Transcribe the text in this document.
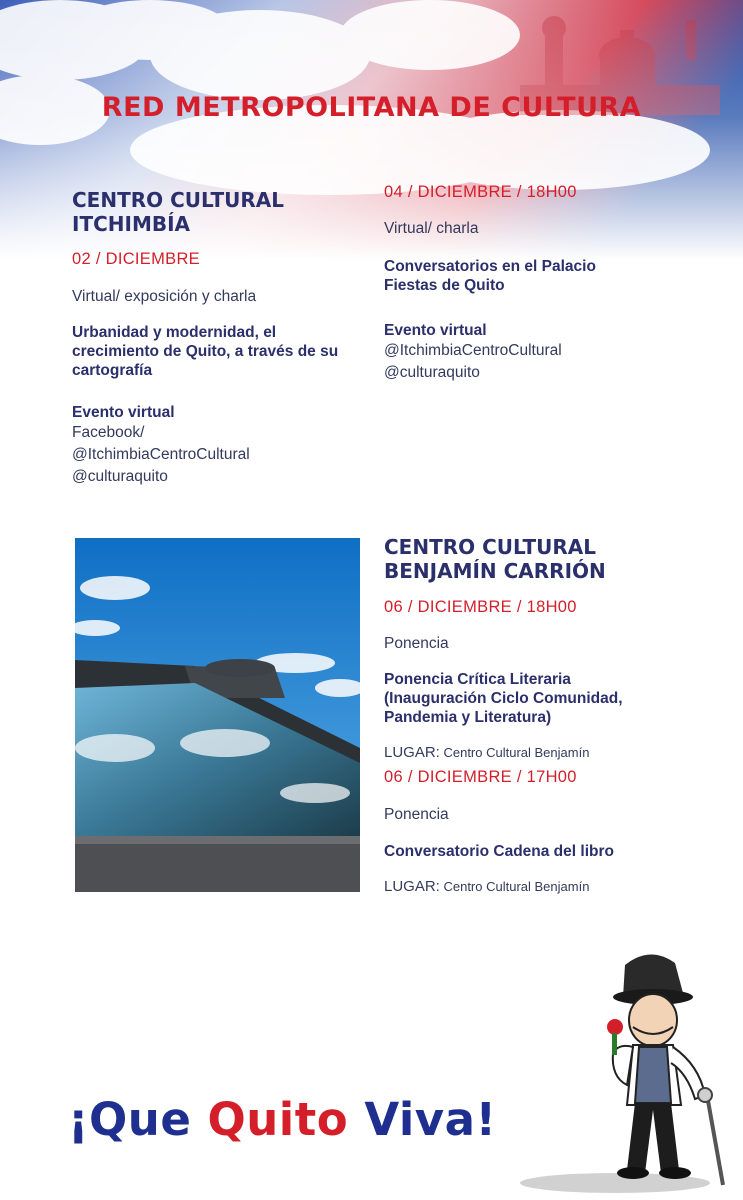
RED METROPOLITANA DE CULTURA

CENTRO CULTURAL

ITCHIMBÍA

02 / DICIEMBRE
Virtual/ exposición y charla
Urbanidad y modernidad, el
crecimiento de Quito, a través de su
cartografía
Evento virtual
Facebook/
@ItchimbiaCentroCultural
@culturaquito
04 / DICIEMBRE / 18H00
Virtual/ charla
Conversatorios en el Palacio
Fiestas de Quito
Evento virtual
@ItchimbiaCentroCultural
@culturaquito

CENTRO CULTURAL

BENJAMÍN CARRIÓN

06 / DICIEMBRE / 18H00
Ponencia
Ponencia Crítica Literaria
(Inauguración Ciclo Comunidad,
Pandemia y Literatura)
LUGAR: Centro Cultural Benjamín
06 / DICIEMBRE / 17H00
Ponencia
Conversatorio Cadena del libro
LUGAR: Centro Cultural Benjamín
¡Que Quito Viva!
